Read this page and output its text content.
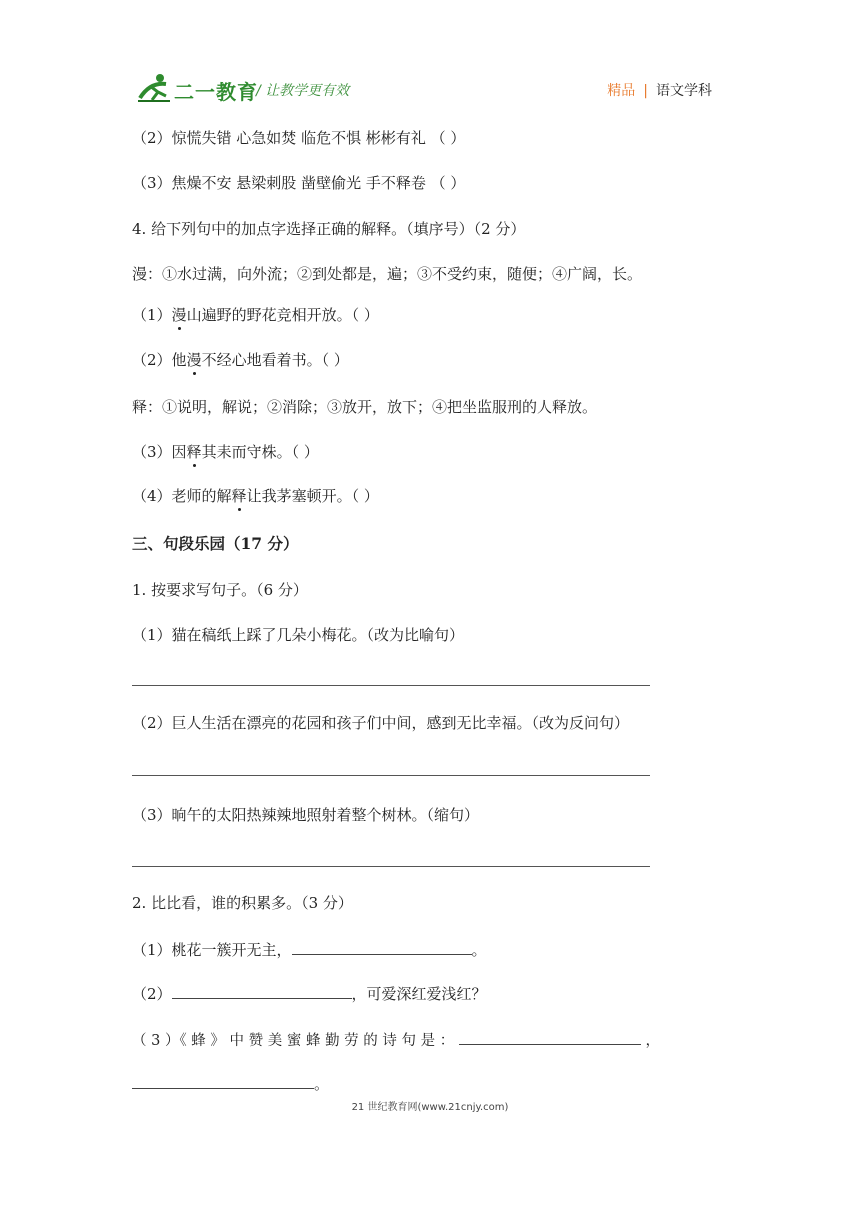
二一教育
/ 让教学更有效	精品 | 语文学科
（2）惊慌失错 心急如焚 临危不惧 彬彬有礼 （ ）
（3）焦燥不安 悬梁刺股 凿壁偷光 手不释卷 （ ）
4. 给下列句中的加点字选择正确的解释。（填序号）（2 分）
漫：①水过满，向外流；②到处都是，遍；③不受约束，随便；④广阔，长。
（1）漫山遍野的野花竞相开放。（ ）
（2）他漫不经心地看着书。（ ）
释：①说明，解说；②消除；③放开，放下；④把坐监服刑的人释放。
（3）因释其耒而守株。（ ）
（4）老师的解释让我茅塞顿开。（ ）
三、句段乐园（17 分）
1. 按要求写句子。（6 分）
（1）猫在稿纸上踩了几朵小梅花。（改为比喻句）
（2）巨人生活在漂亮的花园和孩子们中间，感到无比幸福。（改为反问句）
（3）晌午的太阳热辣辣地照射着整个树林。（缩句）
2. 比比看，谁的积累多。（3 分）
（1）桃花一簇开无主，	。
（2）	，可爱深红爱浅红？
（ 3 ）《 蜂 》 中 赞 美 蜜 蜂 勤 劳 的 诗 句 是 ：	，
。
21 世纪教育网(www.21cnjy.com)
